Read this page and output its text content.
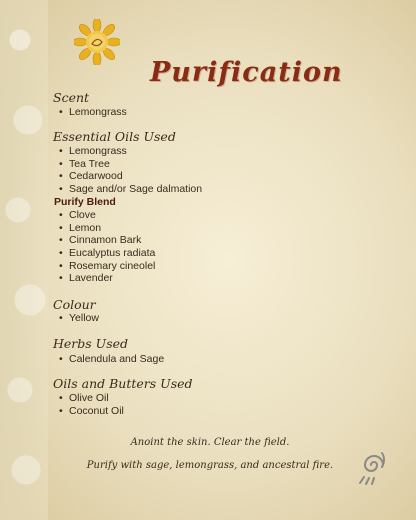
Purification
Scent
• Lemongrass
Essential Oils Used
• Lemongrass
• Tea Tree
• Cedarwood
• Sage and/or Sage dalmation
Purify Blend
• Clove
• Lemon
• Cinnamon Bark
• Eucalyptus radiata
• Rosemary cineolel
• Lavender
Colour
• Yellow
Herbs Used
• Calendula and Sage
Oils and Butters Used
• Olive Oil
• Coconut Oil
Anoint the skin. Clear the field.
Purify with sage, lemongrass, and ancestral fire.
